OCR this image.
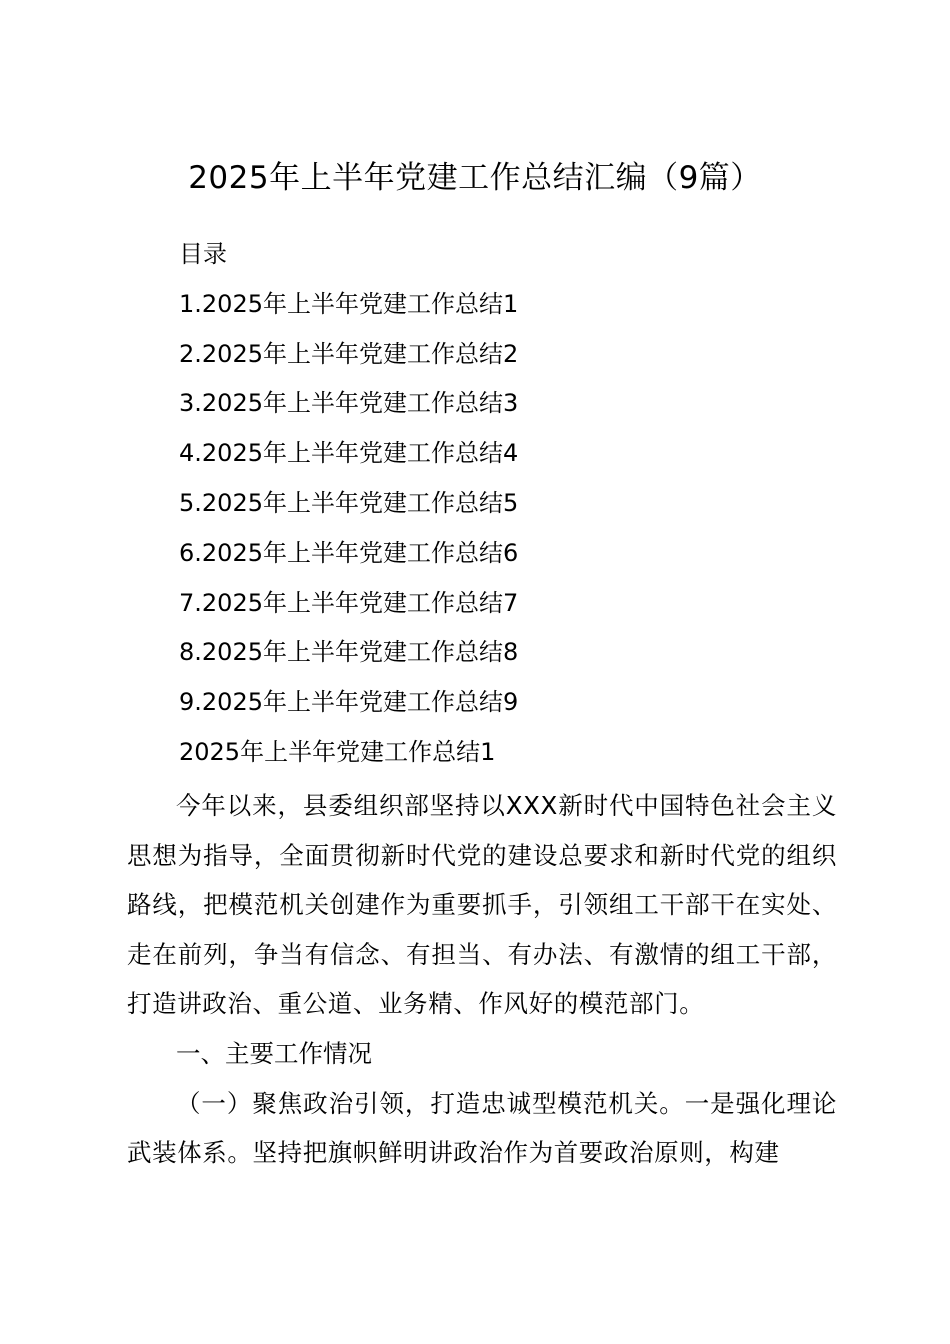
2025年上半年党建工作总结汇编（9篇）
目录
1.2025年上半年党建工作总结1
2.2025年上半年党建工作总结2
3.2025年上半年党建工作总结3
4.2025年上半年党建工作总结4
5.2025年上半年党建工作总结5
6.2025年上半年党建工作总结6
7.2025年上半年党建工作总结7
8.2025年上半年党建工作总结8
9.2025年上半年党建工作总结9
2025年上半年党建工作总结1

今年以来，县委组织部坚持以XXX新时代中国特色社会主义思想为指导，全面贯彻新时代党的建设总要求和新时代党的组织路线，把模范机关创建作为重要抓手，引领组工干部干在实处、走在前列，争当有信念、有担当、有办法、有激情的组工干部，打造讲政治、重公道、业务精、作风好的模范部门。

一、主要工作情况

（一）聚焦政治引领，打造忠诚型模范机关。一是强化理论武装体系。坚持把旗帜鲜明讲政治作为首要政治原则，构建
